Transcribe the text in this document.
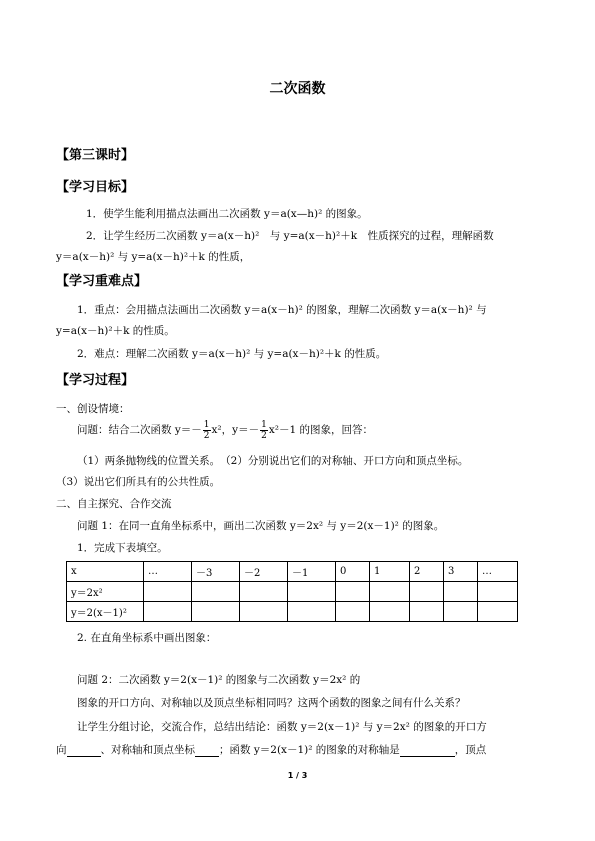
二次函数
【第三课时】
【学习目标】
1．使学生能利用描点法画出二次函数 y＝a(x—h)² 的图象。
2．让学生经历二次函数 y＝a(x－h)²　与 y=a(x－h)²＋k　性质探究的过程，理解函数
y＝a(x－h)² 与 y=a(x－h)²＋k 的性质，
【学习重难点】
1．重点：会用描点法画出二次函数 y＝a(x－h)² 的图象，理解二次函数 y＝a(x－h)² 与
y=a(x－h)²＋k 的性质。
2．难点：理解二次函数 y＝a(x－h)² 与 y=a(x－h)²＋k 的性质。
【学习过程】
一、创设情境：
问题：结合二次函数 $y=- \frac{1}{2} x^2$，$y=- \frac{1}{2} x^2-1$ 的图象，回答：
（1）两条抛物线的位置关系。　（2）分别说出它们的对称轴、开口方向和顶点坐标。
（3）说出它们所具有的公共性质。
二、自主探究、合作交流
问题 1：在同一直角坐标系中，画出二次函数 y＝2x² 与 y＝2(x－1)² 的图象。
1．完成下表填空。
x	…	－3	－2	－1	0	1	2	3	…
y＝2x²									
y＝2(x－1)²									
2. 在直角坐标系中画出图象：
问题 2：二次函数 y＝2(x－1)² 的图象与二次函数 y＝2x² 的
图象的开口方向、对称轴以及顶点坐标相同吗？这两个函数的图象之间有什么关系？
让学生分组讨论，交流合作，总结出结论：函数 y＝2(x－1)² 与 y＝2x² 的图象的开口方
向	、对称轴和顶点坐标 ；函数 y＝2(x－1)² 的图象的对称轴是	，顶点
1 / 3
